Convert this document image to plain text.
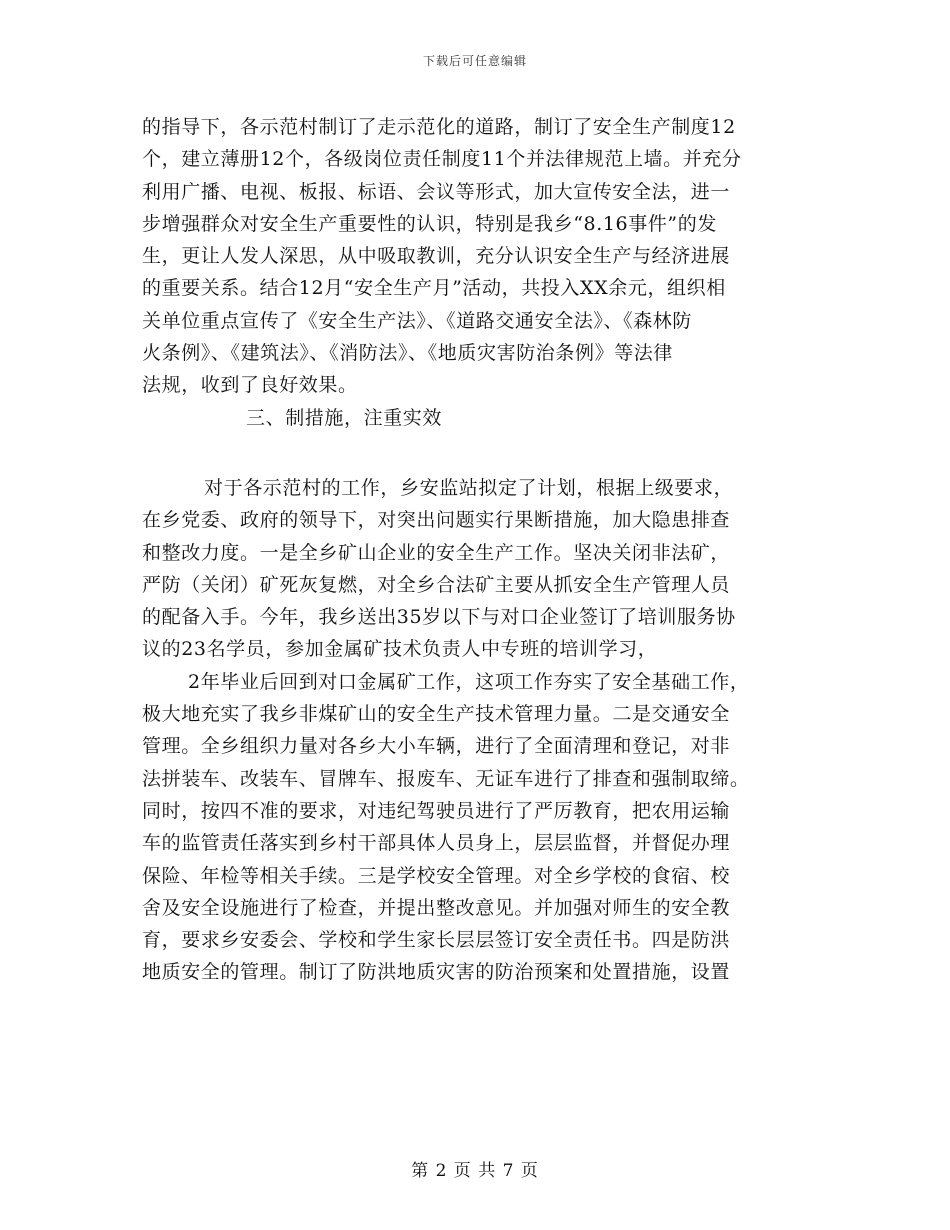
下载后可任意编辑
的指导下，各示范村制订了走示范化的道路，制订了安全生产制度12
个，建立薄册12个，各级岗位责任制度11个并法律规范上墙。并充分
利用广播、电视、板报、标语、会议等形式，加大宣传安全法，进一
步增强群众对安全生产重要性的认识，特别是我乡“8.16事件”的发
生，更让人发人深思，从中吸取教训，充分认识安全生产与经济进展
的重要关系。结合12月“安全生产月”活动，共投入XX余元，组织相
关单位重点宣传了《安全生产法》、《道路交通安全法》、《森林防
火条例》、《建筑法》、《消防法》、《地质灾害防治条例》等法律
法规，收到了良好效果。
三、制措施，注重实效
对于各示范村的工作，乡安监站拟定了计划，根据上级要求，
在乡党委、政府的领导下，对突出问题实行果断措施，加大隐患排查
和整改力度。一是全乡矿山企业的安全生产工作。坚决关闭非法矿，
严防（关闭）矿死灰复燃，对全乡合法矿主要从抓安全生产管理人员
的配备入手。今年，我乡送出35岁以下与对口企业签订了培训服务协
议的23名学员，参加金属矿技术负责人中专班的培训学习，
2年毕业后回到对口金属矿工作，这项工作夯实了安全基础工作，
极大地充实了我乡非煤矿山的安全生产技术管理力量。二是交通安全
管理。全乡组织力量对各乡大小车辆，进行了全面清理和登记，对非
法拼装车、改装车、冒牌车、报废车、无证车进行了排查和强制取缔。
同时，按四不准的要求，对违纪驾驶员进行了严厉教育，把农用运输
车的监管责任落实到乡村干部具体人员身上，层层监督，并督促办理
保险、年检等相关手续。三是学校安全管理。对全乡学校的食宿、校
舍及安全设施进行了检查，并提出整改意见。并加强对师生的安全教
育，要求乡安委会、学校和学生家长层层签订安全责任书。四是防洪
地质安全的管理。制订了防洪地质灾害的防治预案和处置措施，设置
第 2 页 共 7 页
